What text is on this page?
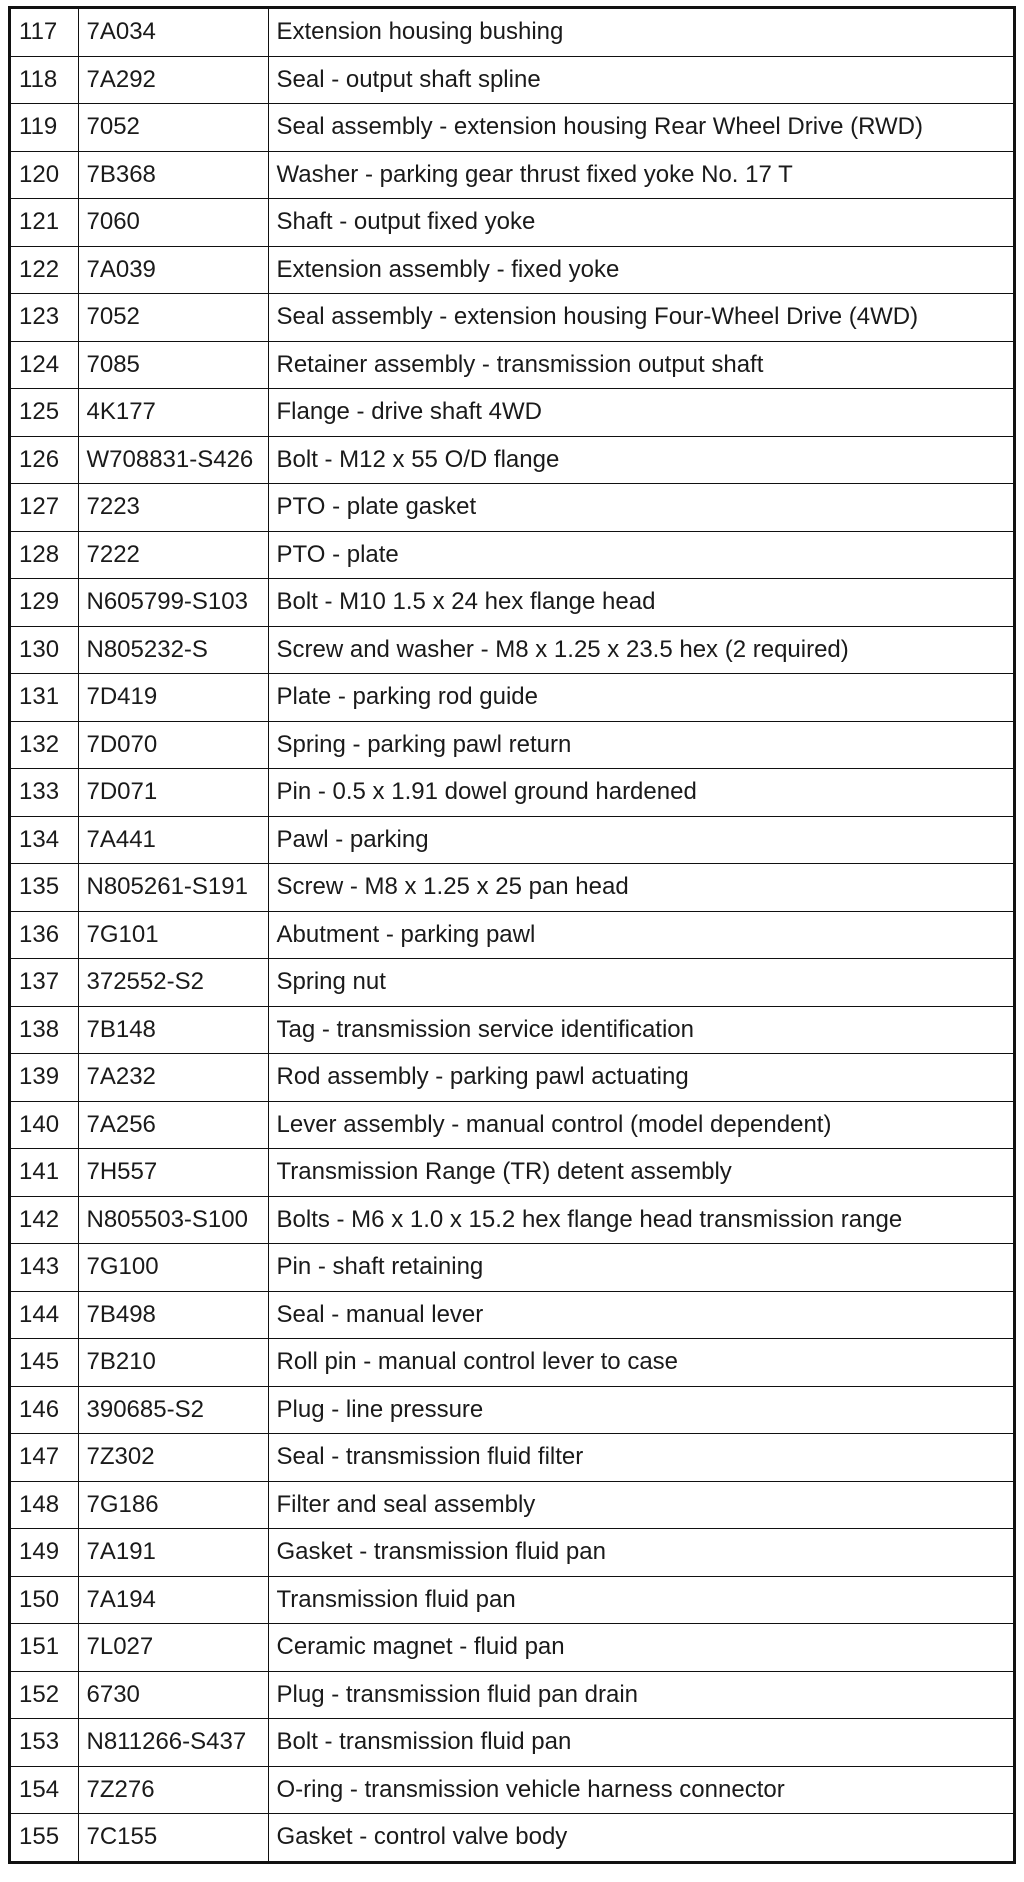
117	7A034	Extension housing bushing
118	7A292	Seal - output shaft spline
119	7052	Seal assembly - extension housing Rear Wheel Drive (RWD)
120	7B368	Washer - parking gear thrust fixed yoke No. 17 T
121	7060	Shaft - output fixed yoke
122	7A039	Extension assembly - fixed yoke
123	7052	Seal assembly - extension housing Four-Wheel Drive (4WD)
124	7085	Retainer assembly - transmission output shaft
125	4K177	Flange - drive shaft 4WD
126	W708831-S426	Bolt - M12 x 55 O/D flange
127	7223	PTO - plate gasket
128	7222	PTO - plate
129	N605799-S103	Bolt - M10 1.5 x 24 hex flange head
130	N805232-S	Screw and washer - M8 x 1.25 x 23.5 hex (2 required)
131	7D419	Plate - parking rod guide
132	7D070	Spring - parking pawl return
133	7D071	Pin - 0.5 x 1.91 dowel ground hardened
134	7A441	Pawl - parking
135	N805261-S191	Screw - M8 x 1.25 x 25 pan head
136	7G101	Abutment - parking pawl
137	372552-S2	Spring nut
138	7B148	Tag - transmission service identification
139	7A232	Rod assembly - parking pawl actuating
140	7A256	Lever assembly - manual control (model dependent)
141	7H557	Transmission Range (TR) detent assembly
142	N805503-S100	Bolts - M6 x 1.0 x 15.2 hex flange head transmission range
143	7G100	Pin - shaft retaining
144	7B498	Seal - manual lever
145	7B210	Roll pin - manual control lever to case
146	390685-S2	Plug - line pressure
147	7Z302	Seal - transmission fluid filter
148	7G186	Filter and seal assembly
149	7A191	Gasket - transmission fluid pan
150	7A194	Transmission fluid pan
151	7L027	Ceramic magnet - fluid pan
152	6730	Plug - transmission fluid pan drain
153	N811266-S437	Bolt - transmission fluid pan
154	7Z276	O-ring - transmission vehicle harness connector
155	7C155	Gasket - control valve body
